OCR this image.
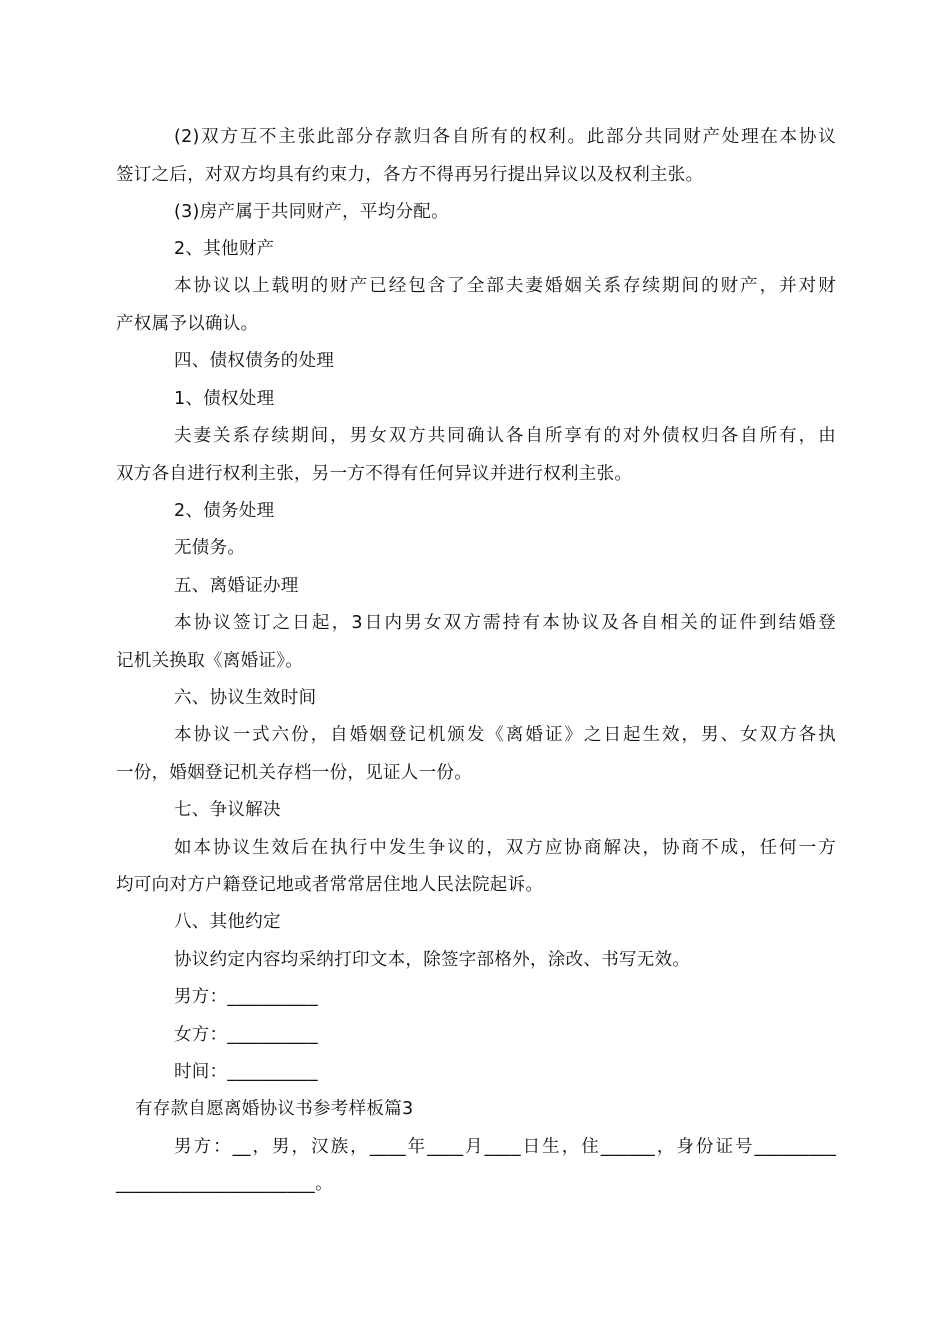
(2)双方互不主张此部分存款归各自所有的权利。此部分共同财产处理在本协议
签订之后，对双方均具有约束力，各方不得再另行提出异议以及权利主张。
(3)房产属于共同财产，平均分配。
2、其他财产
本协议以上载明的财产已经包含了全部夫妻婚姻关系存续期间的财产，并对财
产权属予以确认。
四、债权债务的处理
1、债权处理
夫妻关系存续期间，男女双方共同确认各自所享有的对外债权归各自所有，由
双方各自进行权利主张，另一方不得有任何异议并进行权利主张。
2、债务处理
无债务。
五、离婚证办理
本协议签订之日起，3日内男女双方需持有本协议及各自相关的证件到结婚登
记机关换取《离婚证》。
六、协议生效时间
本协议一式六份，自婚姻登记机颁发《离婚证》之日起生效，男、女双方各执
一份，婚姻登记机关存档一份，见证人一份。
七、争议解决
如本协议生效后在执行中发生争议的，双方应协商解决，协商不成，任何一方
均可向对方户籍登记地或者常常居住地人民法院起诉。
八、其他约定
协议约定内容均采纳打印文本，除签字部格外，涂改、书写无效。
男方：__________
女方：__________
时间：__________
有存款自愿离婚协议书参考样板篇3
男方：__，男，汉族，____年____月____日生，住______，身份证号_________
______________________。
